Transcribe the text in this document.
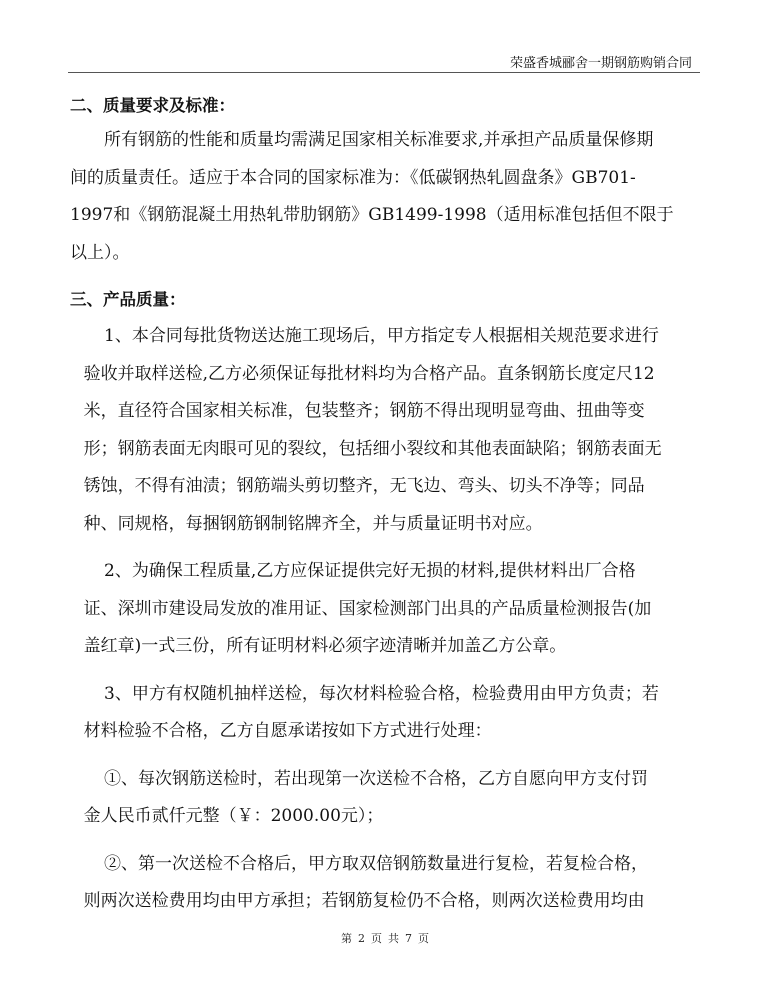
荣盛香城郦舍一期钢筋购销合同

二、质量要求及标准：

所有钢筋的性能和质量均需满足国家相关标准要求,并承担产品质量保修期
间的质量责任。适应于本合同的国家标准为：《低碳钢热轧圆盘条》GB701-
1997和《钢筋混凝土用热轧带肋钢筋》GB1499-1998（适用标准包括但不限于
以上）。

三、产品质量：

1、本合同每批货物送达施工现场后，甲方指定专人根据相关规范要求进行
验收并取样送检,乙方必须保证每批材料均为合格产品。直条钢筋长度定尺12
米，直径符合国家相关标准，包装整齐；钢筋不得出现明显弯曲、扭曲等变
形；钢筋表面无肉眼可见的裂纹，包括细小裂纹和其他表面缺陷；钢筋表面无
锈蚀，不得有油渍；钢筋端头剪切整齐，无飞边、弯头、切头不净等；同品
种、同规格，每捆钢筋钢制铭牌齐全，并与质量证明书对应。
2、为确保工程质量,乙方应保证提供完好无损的材料,提供材料出厂合格
证、深圳市建设局发放的准用证、国家检测部门出具的产品质量检测报告(加
盖红章)一式三份，所有证明材料必须字迹清晰并加盖乙方公章。
3、甲方有权随机抽样送检，每次材料检验合格，检验费用由甲方负责；若
材料检验不合格，乙方自愿承诺按如下方式进行处理：
①、每次钢筋送检时，若出现第一次送检不合格，乙方自愿向甲方支付罚
金人民币贰仟元整（￥：2000.00元）；
②、第一次送检不合格后，甲方取双倍钢筋数量进行复检，若复检合格，
则两次送检费用均由甲方承担；若钢筋复检仍不合格，则两次送检费用均由
第 2 页 共 7 页
